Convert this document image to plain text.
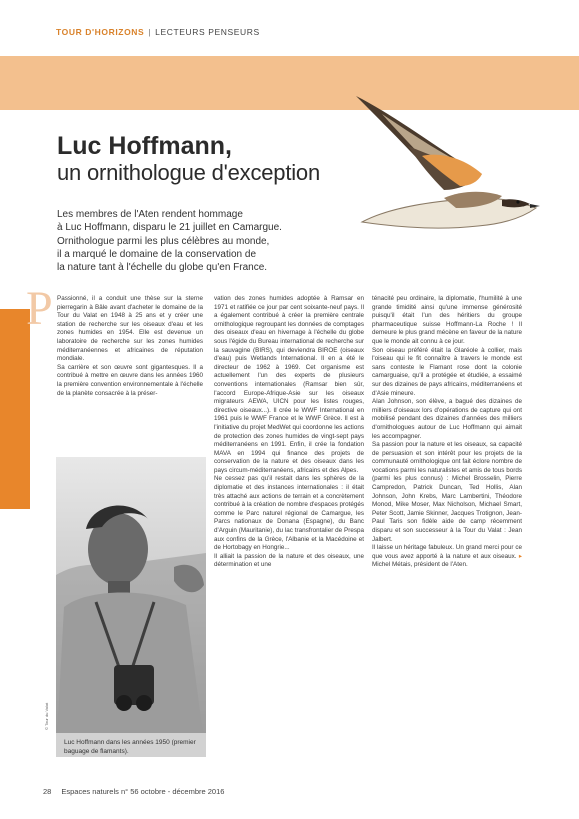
TOUR D'HORIZONS | LECTEURS PENSEURS
Luc Hoffmann,
un ornithologue d'exception
Les membres de l'Aten rendent hommage
à Luc Hoffmann, disparu le 21 juillet en Camargue.
Ornithologue parmi les plus célèbres au monde,
il a marqué le domaine de la conservation de
la nature tant à l'échelle du globe qu'en France.
P Passionné, il a conduit une thèse sur la sterne pierregarin à Bâle avant d'acheter le domaine de la Tour du Valat en 1948 à 25 ans et y créer une station de recherche sur les oiseaux d'eau et les zones humides en 1954. Elle est devenue un laboratoire de recherche sur les zones humides méditerranéennes et africaines de réputation mondiale.

Sa carrière et son œuvre sont gigantesques. Il a contribué à mettre en œuvre dans les années 1960 la première convention environnementale à l'échelle de la planète consacrée à la préser-

© Tour du Valat
Luc Hoffmann dans les années 1950 (premier baguage de flamants).

vation des zones humides adoptée à Ramsar en 1971 et ratifiée ce jour par cent soixante-neuf pays. Il a également contribué à créer la première centrale ornithologique regroupant les données de comptages des oiseaux d'eau en hivernage à l'échelle du globe sous l'égide du Bureau international de recherche sur la sauvagine (BIRS), qui deviendra BIROE (oiseaux d'eau) puis Wetlands International. Il en a été le directeur de 1962 à 1969. Cet organisme est actuellement l'un des experts de plusieurs conventions internationales (Ramsar bien sûr, l'accord Europe-Afrique-Asie sur les oiseaux migrateurs AEWA, UICN pour les listes rouges, directive oiseaux...). Il crée le WWF International en 1961 puis le WWF France et le WWF Grèce. Il est à l'initiative du projet MedWet qui coordonne les actions de protection des zones humides de vingt-sept pays méditerranéens en 1991. Enfin, il crée la fondation MAVA en 1994 qui finance des projets de conservation de la nature et des oiseaux dans les pays circum-méditerranéens, africains et des Alpes.

Ne cessez pas qu'il restait dans les sphères de la diplomatie et des instances internationales : il était très attaché aux actions de terrain et a concrètement contribué à la création de nombre d'espaces protégés comme le Parc naturel régional de Camargue, les Parcs nationaux de Donana (Espagne), du Banc d'Arguin (Mauritanie), du lac transfrontalier de Prespa aux confins de la Grèce, l'Albanie et la Macédoine et de Hortobagy en Hongrie...

Il alliait la passion de la nature et des oiseaux, une détermination et une

ténacité peu ordinaire, la diplomatie, l'humilité à une grande timidité ainsi qu'une immense générosité puisqu'il était l'un des héritiers du groupe pharmaceutique suisse Hoffmann-La Roche ! Il demeure le plus grand mécène en faveur de la nature que le monde ait connu à ce jour.

Son oiseau préféré était la Glaréole à collier, mais l'oiseau qui le fit connaître à travers le monde est sans conteste le Flamant rose dont la colonie camarguaise, qu'il a protégée et étudiée, a essaimé sur des dizaines de pays africains, méditerranéens et d'Asie mineure.

Alan Johnson, son élève, a bagué des dizaines de milliers d'oiseaux lors d'opérations de capture qui ont mobilisé pendant des dizaines d'années des milliers d'ornithologues autour de Luc Hoffmann qui aimait les accompagner.

Sa passion pour la nature et les oiseaux, sa capacité de persuasion et son intérêt pour les projets de la communauté ornithologique ont fait éclore nombre de vocations parmi les naturalistes et amis de tous bords (parmi les plus connus) : Michel Brosselin, Pierre Campredon, Patrick Duncan, Ted Hollis, Alan Johnson, John Krebs, Marc Lambertini, Théodore Monod, Mike Moser, Max Nicholson, Michael Smart, Peter Scott, Jamie Skinner, Jacques Trotignon, Jean-Paul Taris son fidèle aide de camp récemment disparu et son successeur à la Tour du Valat : Jean Jalbert.

Il laisse un héritage fabuleux. Un grand merci pour ce que vous avez apporté à la nature et aux oiseaux. ▸ Michel Métais, président de l'Aten.

28 Espaces naturels n° 56 octobre - décembre 2016
